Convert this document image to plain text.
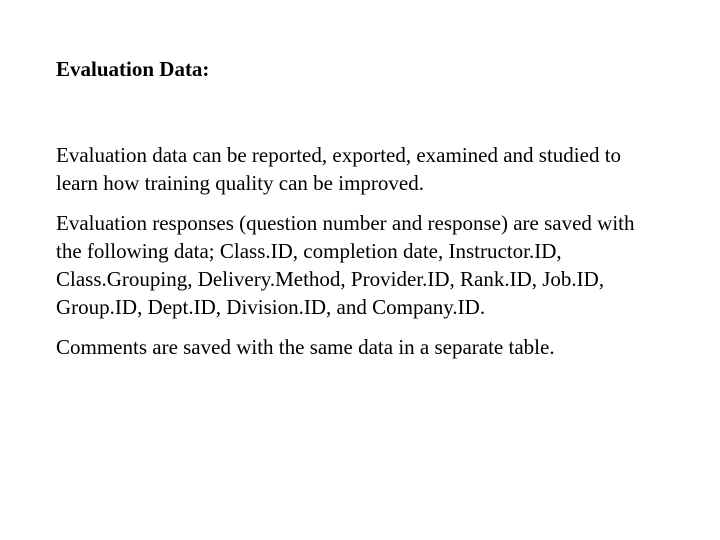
Evaluation Data:

Evaluation data can be reported, exported, examined and studied to learn how training quality can be improved.

Evaluation responses (question number and response) are saved with the following data; Class.ID, completion date, Instructor.ID, Class.Grouping, Delivery.Method, Provider.ID, Rank.ID, Job.ID, Group.ID, Dept.ID, Division.ID, and Company.ID.

Comments are saved with the same data in a separate table.
